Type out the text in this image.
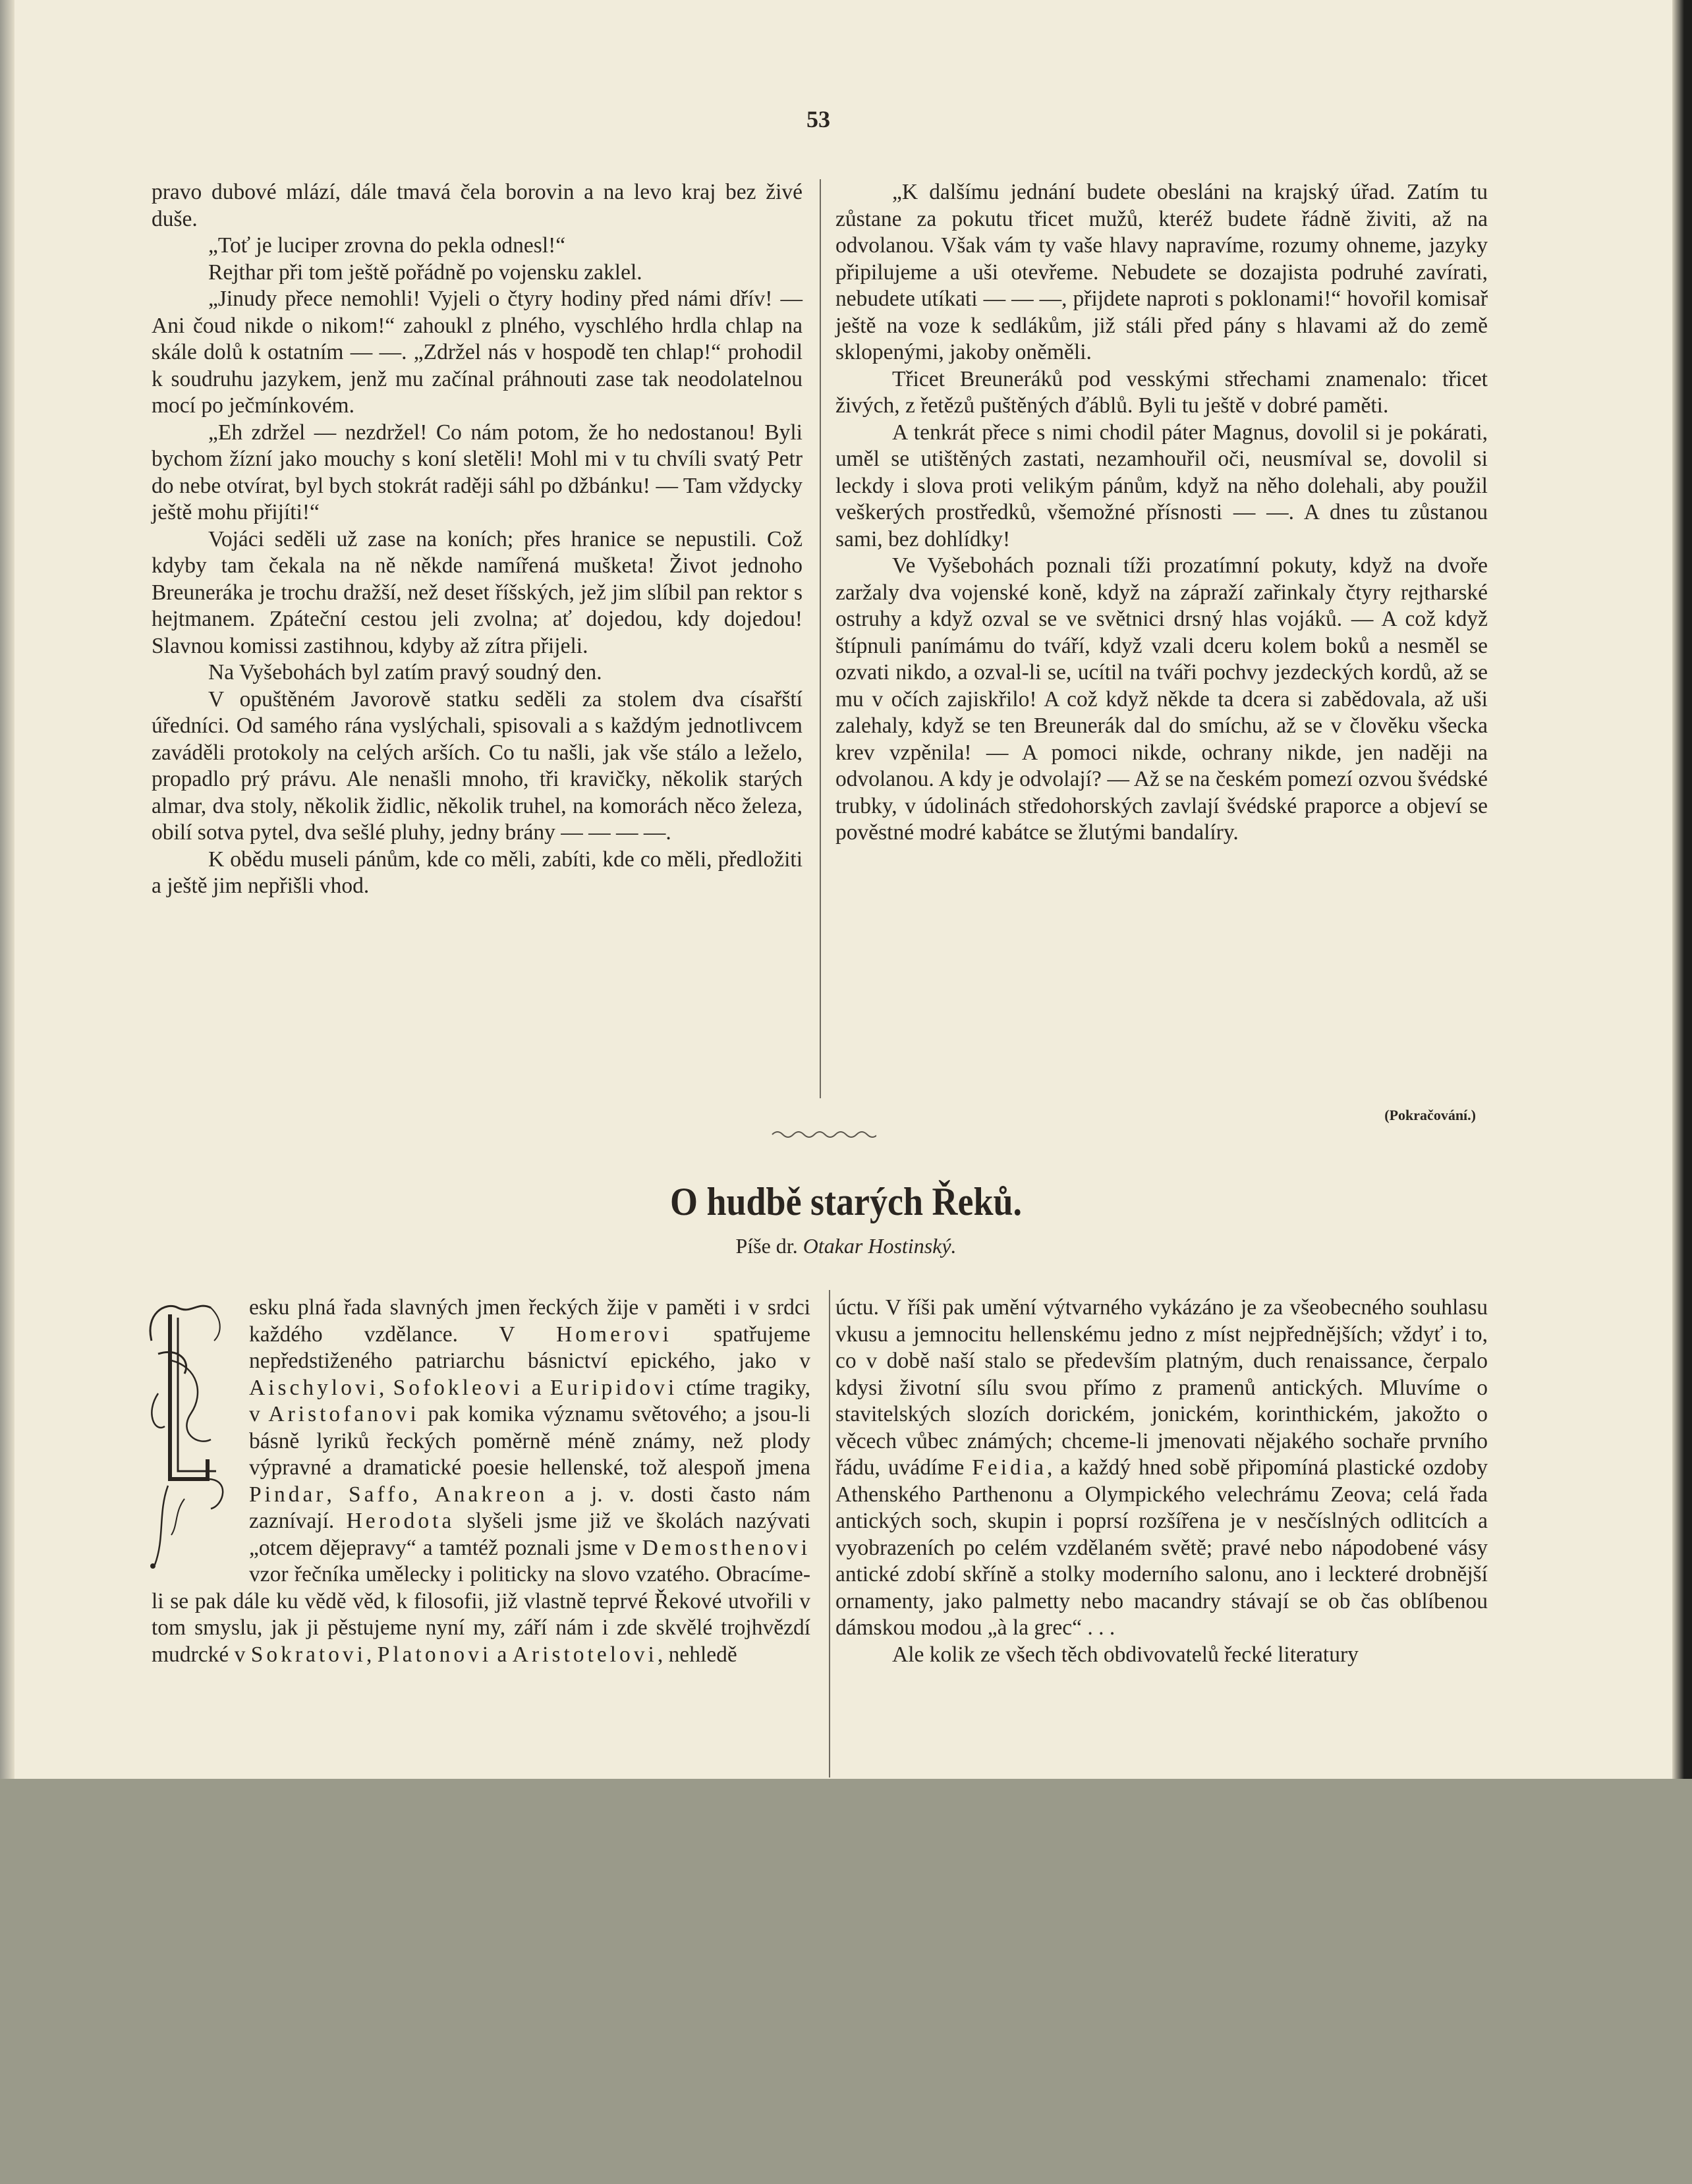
53

pravo dubové mlází, dále tmavá čela borovin a na levo kraj bez živé duše.

„Toť je luciper zrovna do pekla odnesl!“

Rejthar při tom ještě pořádně po vojensku zaklel.

„Jinudy přece nemohli! Vyjeli o čtyry hodiny před námi dřív! — Ani čoud nikde o nikom!“ zahoukl z plného, vyschlého hrdla chlap na skále dolů k ostatním — —. „Zdržel nás v hospodě ten chlap!“ prohodil k soudruhu jazykem, jenž mu začínal práhnouti zase tak neodolatelnou mocí po ječmínkovém.

„Eh zdržel — nezdržel! Co nám potom, že ho nedostanou! Byli bychom žízní jako mouchy s koní sletěli! Mohl mi v tu chvíli svatý Petr do nebe otvírat, byl bych stokrát raději sáhl po džbánku! — Tam vždycky ještě mohu přijíti!“

Vojáci seděli už zase na koních; přes hranice se nepustili. Což kdyby tam čekala na ně někde namířená mušketa! Život jednoho Breuneráka je trochu dražší, než deset říšských, jež jim slíbil pan rektor s hejtmanem. Zpáteční cestou jeli zvolna; ať dojedou, kdy dojedou! Slavnou komissi zastihnou, kdyby až zítra přijeli.

Na Vyšebohách byl zatím pravý soudný den.

V opuštěném Javorově statku seděli za stolem dva císařští úředníci. Od samého rána vyslýchali, spisovali a s každým jednotlivcem zaváděli protokoly na celých arších. Co tu našli, jak vše stálo a leželo, propadlo prý právu. Ale nenašli mnoho, tři kravičky, několik starých almar, dva stoly, několik židlic, několik truhel, na komorách něco železa, obilí sotva pytel, dva sešlé pluhy, jedny brány — — — —.

K obědu museli pánům, kde co měli, zabíti, kde co měli, předložiti a ještě jim nepřišli vhod.

„K dalšímu jednání budete obesláni na krajský úřad. Zatím tu zůstane za pokutu třicet mužů, kteréž budete řádně živiti, až na odvolanou. Však vám ty vaše hlavy napravíme, rozumy ohneme, jazyky připilujeme a uši otevřeme. Nebudete se dozajista podruhé zavírati, nebudete utíkati — — —, přijdete naproti s poklonami!“ hovořil komisař ještě na voze k sedlákům, již stáli před pány s hlavami až do země sklopenými, jakoby oněměli.

Třicet Breuneráků pod vesskými střechami znamenalo: třicet živých, z řetězů puštěných ďáblů. Byli tu ještě v dobré paměti.

A tenkrát přece s nimi chodil páter Magnus, dovolil si je pokárati, uměl se utištěných zastati, nezamhouřil oči, neusmíval se, dovolil si leckdy i slova proti velikým pánům, když na něho dolehali, aby použil veškerých prostředků, všemožné přísnosti — —. A dnes tu zůstanou sami, bez dohlídky!

Ve Vyšebohách poznali tíži prozatímní pokuty, když na dvoře zaržaly dva vojenské koně, když na zápraží zařinkaly čtyry rejtharské ostruhy a když ozval se ve světnici drsný hlas vojáků. — A což když štípnuli panímámu do tváří, když vzali dceru kolem boků a nesměl se ozvati nikdo, a ozval-li se, ucítil na tváři pochvy jezdeckých kordů, až se mu v očích zajiskřilo! A což když někde ta dcera si zabědovala, až uši zalehaly, když se ten Breunerák dal do smíchu, až se v člověku všecka krev vzpěnila! — A pomoci nikde, ochrany nikde, jen naději na odvolanou. A kdy je odvolají? — Až se na českém pomezí ozvou švédské trubky, v údolinách středohorských zavlají švédské praporce a objeví se pověstné modré kabátce se žlutými bandalíry.

(Pokračování.)
O hudbě starých Řeků.
Píše dr. Otakar Hostinský.

esku plná řada slavných jmen řeckých žije v paměti i v srdci každého vzdělance. V Homerovi spatřujeme nepředstiženého patriarchu básnictví epického, jako v Aischylovi, Sofokleovi a Euripidovi ctíme tragiky, v Aristofanovi pak komika významu světového; a jsou-li básně lyriků řeckých poměrně méně známy, než plody výpravné a dramatické poesie hellenské, tož alespoň jmena Pindar, Saffo, Anakreon a j. v. dosti často nám zaznívají. Herodota slyšeli jsme již ve školách nazývati „otcem dějepravy“ a tamtéž poznali jsme v Demosthenovi vzor řečníka umělecky i politicky na slovo vzatého. Obracíme-li se pak dále ku vědě věd, k filosofii, již vlastně teprvé Řekové utvořili v tom smyslu, jak ji pěstujeme nyní my, září nám i zde skvělé trojhvězdí mudrcké v Sokratovi, Platonovi a Aristotelovi, nehledě

úctu. V říši pak umění výtvarného vykázáno je za všeobecného souhlasu vkusu a jemnocitu hellenskému jedno z míst nejpřednějších; vždyť i to, co v době naší stalo se především platným, duch renaissance, čerpalo kdysi životní sílu svou přímo z pramenů antických. Mluvíme o stavitelských slozích dorickém, jonickém, korinthickém, jakožto o věcech vůbec známých; chceme-li jmenovati nějakého sochaře prvního řádu, uvádíme Feidia, a každý hned sobě připomíná plastické ozdoby Athenského Parthenonu a Olympického velechrámu Zeova; celá řada antických soch, skupin i poprsí rozšířena je v nesčíslných odlitcích a vyobrazeních po celém vzdělaném světě; pravé nebo nápodobené vásy antické zdobí skříně a stolky moderního salonu, ano i leckteré drobnější ornamenty, jako palmetty nebo macandry stávají se ob čas oblíbenou dámskou modou „à la grec“ . . .

Ale kolik ze všech těch obdivovatelů řecké literatury
